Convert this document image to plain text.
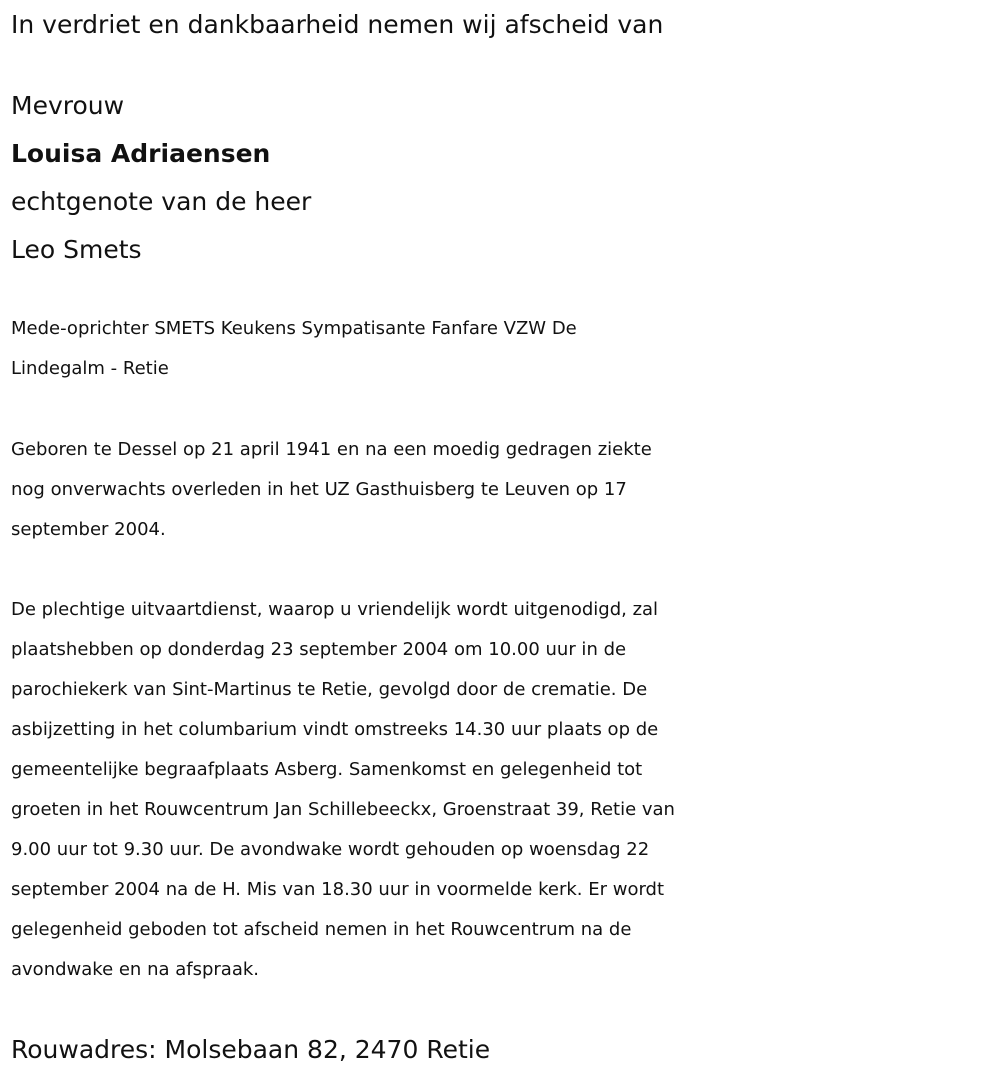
In verdriet en dankbaarheid nemen wij afscheid van

Mevrouw

Louisa Adriaensen

echtgenote van de heer

Leo Smets

Mede-oprichter SMETS Keukens Sympatisante Fanfare VZW De
Lindegalm - Retie
Geboren te Dessel op 21 april 1941 en na een moedig gedragen ziekte
nog onverwachts overleden in het UZ Gasthuisberg te Leuven op 17
september 2004.
De plechtige uitvaartdienst, waarop u vriendelijk wordt uitgenodigd, zal
plaatshebben op donderdag 23 september 2004 om 10.00 uur in de
parochiekerk van Sint-Martinus te Retie, gevolgd door de crematie. De
asbijzetting in het columbarium vindt omstreeks 14.30 uur plaats op de
gemeentelijke begraafplaats Asberg. Samenkomst en gelegenheid tot
groeten in het Rouwcentrum Jan Schillebeeckx, Groenstraat 39, Retie van
9.00 uur tot 9.30 uur. De avondwake wordt gehouden op woensdag 22
september 2004 na de H. Mis van 18.30 uur in voormelde kerk. Er wordt
gelegenheid geboden tot afscheid nemen in het Rouwcentrum na de
avondwake en na afspraak.

Rouwadres: Molsebaan 82, 2470 Retie
